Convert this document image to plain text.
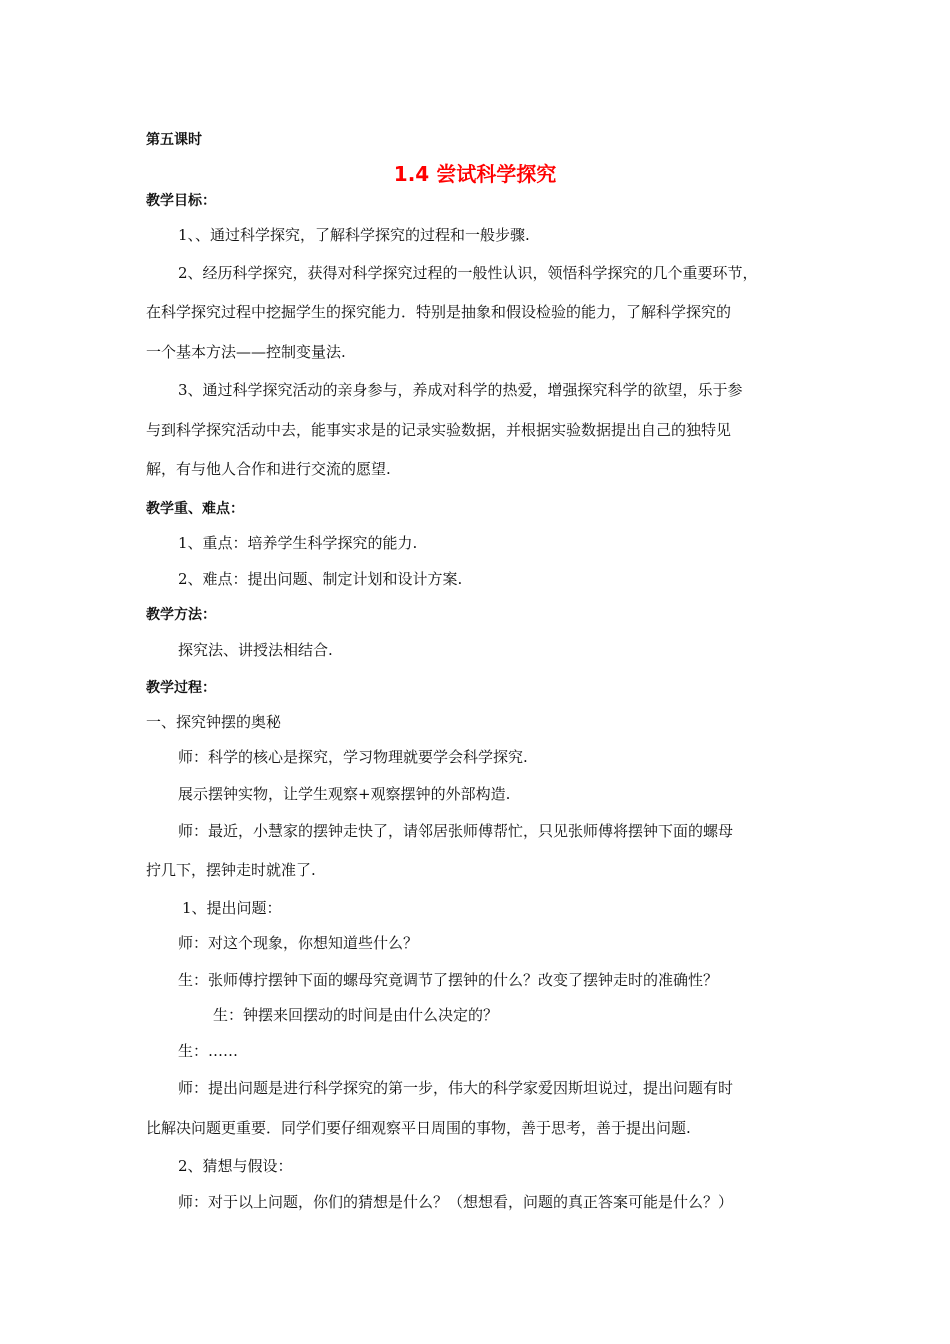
第五课时
1.4 尝试科学探究
教学目标：
1、、通过科学探究，了解科学探究的过程和一般步骤.
2、经历科学探究，获得对科学探究过程的一般性认识，领悟科学探究的几个重要环节，
在科学探究过程中挖掘学生的探究能力．特别是抽象和假设检验的能力，了解科学探究的
一个基本方法——控制变量法.
3、通过科学探究活动的亲身参与，养成对科学的热爱，增强探究科学的欲望，乐于参
与到科学探究活动中去，能事实求是的记录实验数据，并根据实验数据提出自己的独特见
解，有与他人合作和进行交流的愿望.
教学重、难点：
1、重点：培养学生科学探究的能力.
2、难点：提出问题、制定计划和设计方案.
教学方法：
探究法、讲授法相结合.
教学过程：
一、探究钟摆的奥秘
师：科学的核心是探究，学习物理就要学会科学探究.
展示摆钟实物，让学生观察+观察摆钟的外部构造.
师：最近，小慧家的摆钟走快了，请邻居张师傅帮忙，只见张师傅将摆钟下面的螺母
拧几下，摆钟走时就准了.
1、提出问题：
师：对这个现象，你想知道些什么？
生：张师傅拧摆钟下面的螺母究竟调节了摆钟的什么？改变了摆钟走时的准确性？
生：钟摆来回摆动的时间是由什么决定的？
生：……
师：提出问题是进行科学探究的第一步，伟大的科学家爱因斯坦说过，提出问题有时
比解决问题更重要．同学们要仔细观察平日周围的事物，善于思考，善于提出问题.
2、猜想与假设：
师：对于以上问题，你们的猜想是什么？（想想看，问题的真正答案可能是什么？）
